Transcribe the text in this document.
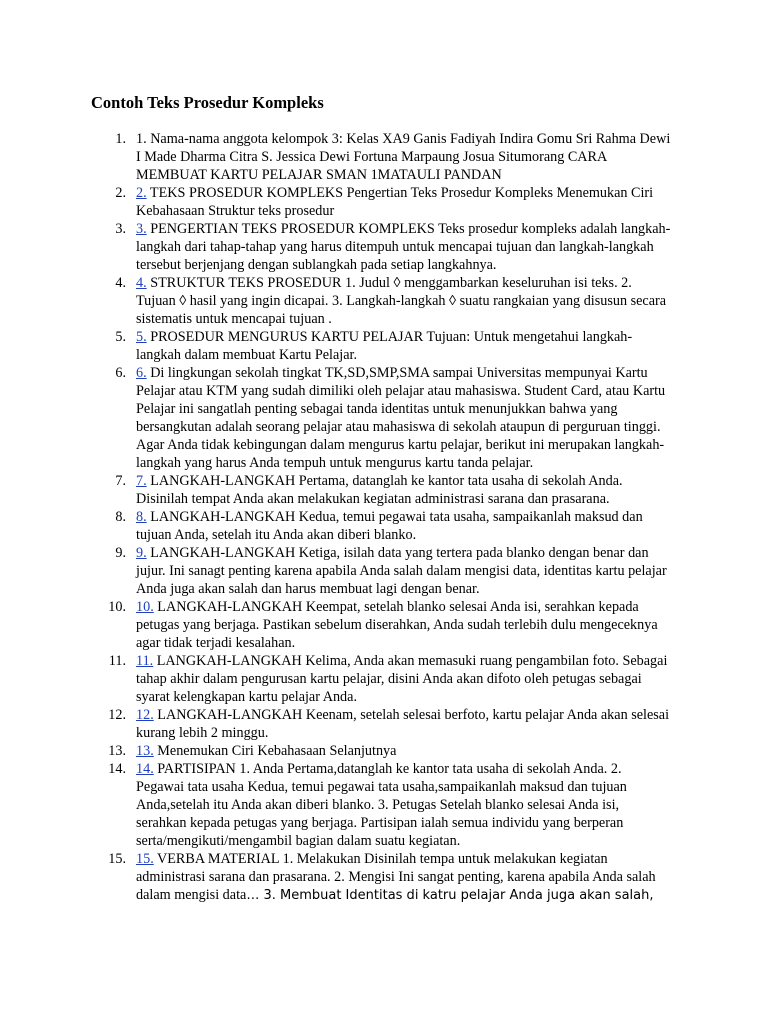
Contoh Teks Prosedur Kompleks
1. 1. Nama-nama anggota kelompok 3: Kelas XA9 Ganis Fadiyah Indira Gomu Sri Rahma Dewi I Made Dharma Citra S. Jessica Dewi Fortuna Marpaung Josua Situmorang CARA MEMBUAT KARTU PELAJAR SMAN 1MATAULI PANDAN
2. 2. TEKS PROSEDUR KOMPLEKS Pengertian Teks Prosedur Kompleks Menemukan Ciri Kebahasaan Struktur teks prosedur
3. 3. PENGERTIAN TEKS PROSEDUR KOMPLEKS Teks prosedur kompleks adalah langkah-langkah dari tahap-tahap yang harus ditempuh untuk mencapai tujuan dan langkah-langkah tersebut berjenjang dengan sublangkah pada setiap langkahnya.
4. 4. STRUKTUR TEKS PROSEDUR 1. Judul ◊ menggambarkan keseluruhan isi teks. 2. Tujuan ◊ hasil yang ingin dicapai. 3. Langkah-langkah ◊ suatu rangkaian yang disusun secara sistematis untuk mencapai tujuan .
5. 5. PROSEDUR MENGURUS KARTU PELAJAR Tujuan: Untuk mengetahui langkah-langkah dalam membuat Kartu Pelajar.
6. 6. Di lingkungan sekolah tingkat TK,SD,SMP,SMA sampai Universitas mempunyai Kartu Pelajar atau KTM yang sudah dimiliki oleh pelajar atau mahasiswa. Student Card, atau Kartu Pelajar ini sangatlah penting sebagai tanda identitas untuk menunjukkan bahwa yang bersangkutan adalah seorang pelajar atau mahasiswa di sekolah ataupun di perguruan tinggi. Agar Anda tidak kebingungan dalam mengurus kartu pelajar, berikut ini merupakan langkah-langkah yang harus Anda tempuh untuk mengurus kartu tanda pelajar.
7. 7. LANGKAH-LANGKAH Pertama, datanglah ke kantor tata usaha di sekolah Anda. Disinilah tempat Anda akan melakukan kegiatan administrasi sarana dan prasarana.
8. 8. LANGKAH-LANGKAH Kedua, temui pegawai tata usaha, sampaikanlah maksud dan tujuan Anda, setelah itu Anda akan diberi blanko.
9. 9. LANGKAH-LANGKAH Ketiga, isilah data yang tertera pada blanko dengan benar dan jujur. Ini sanagt penting karena apabila Anda salah dalam mengisi data, identitas kartu pelajar Anda juga akan salah dan harus membuat lagi dengan benar.
10. 10. LANGKAH-LANGKAH Keempat, setelah blanko selesai Anda isi, serahkan kepada petugas yang berjaga. Pastikan sebelum diserahkan, Anda sudah terlebih dulu mengeceknya agar tidak terjadi kesalahan.
11. 11. LANGKAH-LANGKAH Kelima, Anda akan memasuki ruang pengambilan foto. Sebagai tahap akhir dalam pengurusan kartu pelajar, disini Anda akan difoto oleh petugas sebagai syarat kelengkapan kartu pelajar Anda.
12. 12. LANGKAH-LANGKAH Keenam, setelah selesai berfoto, kartu pelajar Anda akan selesai kurang lebih 2 minggu.
13. 13. Menemukan Ciri Kebahasaan Selanjutnya
14. 14. PARTISIPAN 1. Anda Pertama,datanglah ke kantor tata usaha di sekolah Anda. 2. Pegawai tata usaha Kedua, temui pegawai tata usaha,sampaikanlah maksud dan tujuan Anda,setelah itu Anda akan diberi blanko. 3. Petugas Setelah blanko selesai Anda isi, serahkan kepada petugas yang berjaga. Partisipan ialah semua individu yang berperan serta/mengikuti/mengambil bagian dalam suatu kegiatan.
15. 15. VERBA MATERIAL 1. Melakukan Disinilah tempa untuk melakukan kegiatan administrasi sarana dan prasarana. 2. Mengisi Ini sangat penting, karena apabila Anda salah dalam mengisi data… 3. Membuat Identitas di katru pelajar Anda juga akan salah,
